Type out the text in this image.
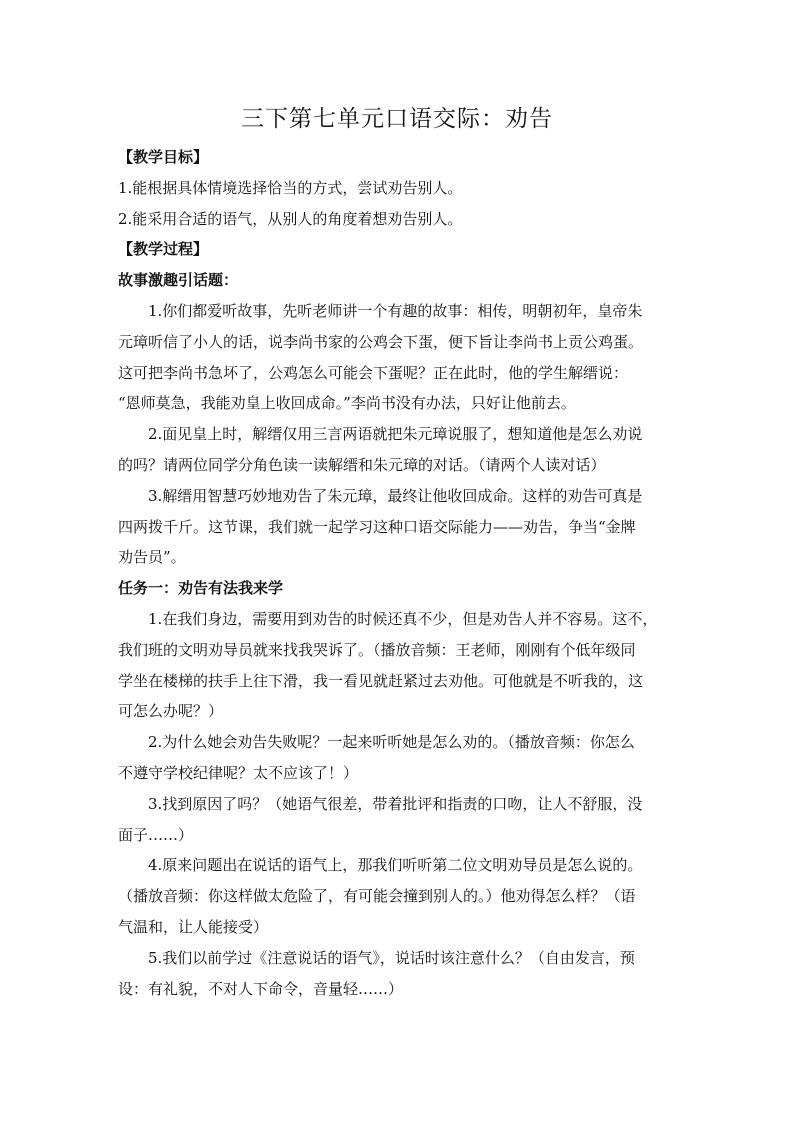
三下第七单元口语交际：劝告
【教学目标】
1.能根据具体情境选择恰当的方式，尝试劝告别人。
2.能采用合适的语气，从别人的角度着想劝告别人。
【教学过程】
故事激趣引话题：
1.你们都爱听故事，先听老师讲一个有趣的故事：相传，明朝初年，皇帝朱
元璋听信了小人的话，说李尚书家的公鸡会下蛋，便下旨让李尚书上贡公鸡蛋。
这可把李尚书急坏了，公鸡怎么可能会下蛋呢？正在此时，他的学生解缙说：
“恩师莫急，我能劝皇上收回成命。”李尚书没有办法，只好让他前去。
2.面见皇上时，解缙仅用三言两语就把朱元璋说服了，想知道他是怎么劝说
的吗？请两位同学分角色读一读解缙和朱元璋的对话。（请两个人读对话）
3.解缙用智慧巧妙地劝告了朱元璋，最终让他收回成命。这样的劝告可真是
四两拨千斤。这节课，我们就一起学习这种口语交际能力——劝告，争当“金牌
劝告员”。
任务一：劝告有法我来学
1.在我们身边，需要用到劝告的时候还真不少，但是劝告人并不容易。这不，
我们班的文明劝导员就来找我哭诉了。（播放音频：王老师，刚刚有个低年级同
学坐在楼梯的扶手上往下滑，我一看见就赶紧过去劝他。可他就是不听我的，这
可怎么办呢？）
2.为什么她会劝告失败呢？一起来听听她是怎么劝的。（播放音频：你怎么
不遵守学校纪律呢？太不应该了！）
3.找到原因了吗？（她语气很差，带着批评和指责的口吻，让人不舒服，没
面子……）
4.原来问题出在说话的语气上，那我们听听第二位文明劝导员是怎么说的。
（播放音频：你这样做太危险了，有可能会撞到别人的。）他劝得怎么样？（语
气温和，让人能接受）
5.我们以前学过《注意说话的语气》，说话时该注意什么？（自由发言，预
设：有礼貌，不对人下命令，音量轻……）
